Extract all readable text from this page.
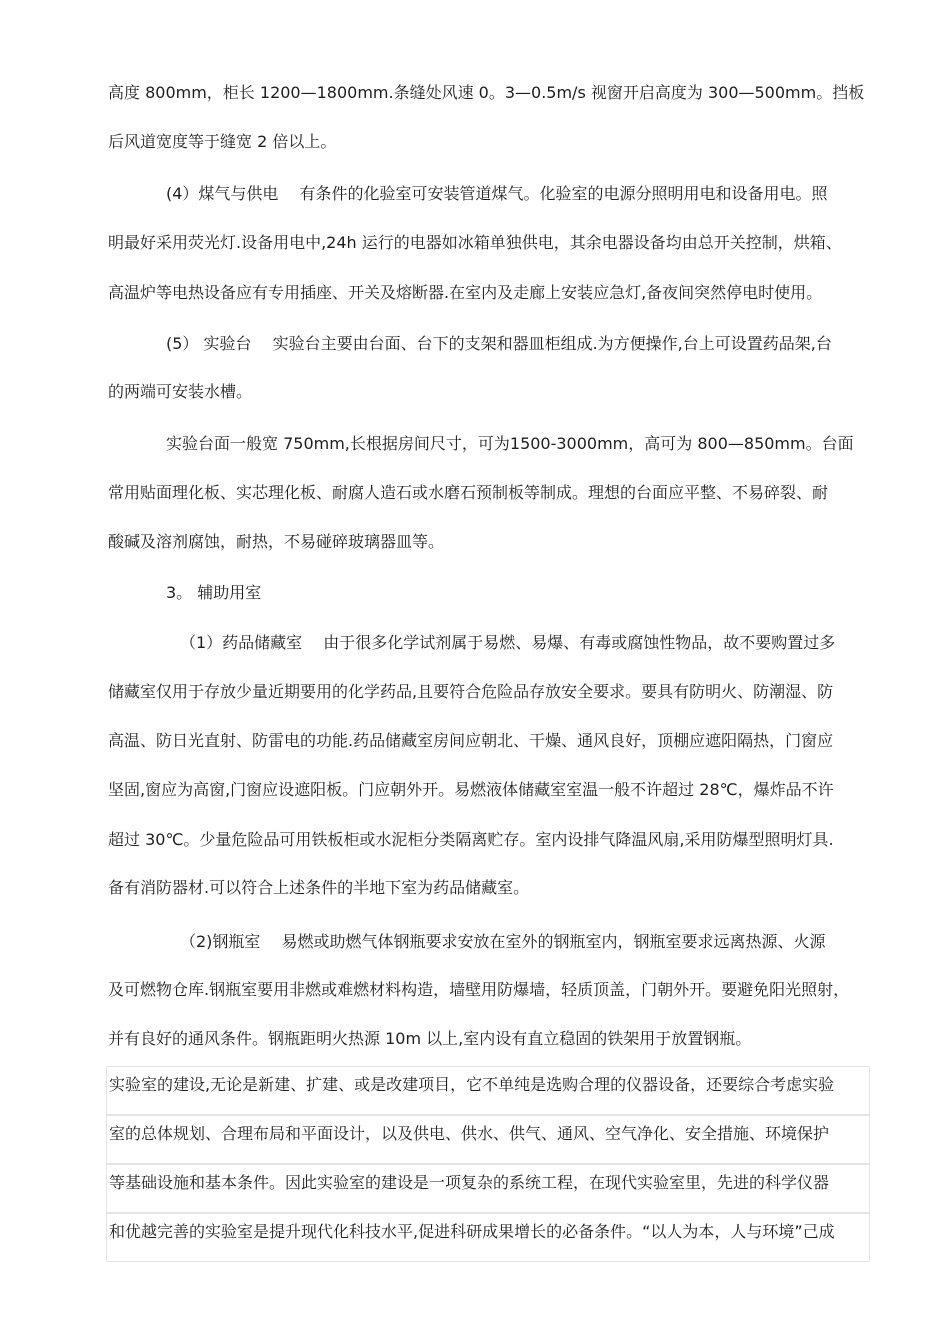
高度 800mm，柜长 1200—1800mm.条缝处风速 0。3—0.5m/s 视窗开启高度为 300—500mm。挡板

后风道宽度等于缝宽 2 倍以上。

(4）煤气与供电　 有条件的化验室可安装管道煤气。化验室的电源分照明用电和设备用电。照

明最好采用荧光灯.设备用电中,24h 运行的电器如冰箱单独供电，其余电器设备均由总开关控制，烘箱、

高温炉等电热设备应有专用插座、开关及熔断器.在室内及走廊上安装应急灯,备夜间突然停电时使用。

(5） 实验台　 实验台主要由台面、台下的支架和器皿柜组成.为方便操作,台上可设置药品架,台

的两端可安装水槽。

实验台面一般宽 750mm,长根据房间尺寸，可为1500-3000mm，高可为 800—850mm。台面

常用贴面理化板、实芯理化板、耐腐人造石或水磨石预制板等制成。理想的台面应平整、不易碎裂、耐

酸碱及溶剂腐蚀，耐热，不易碰碎玻璃器皿等。

3。 辅助用室

（1）药品储藏室　 由于很多化学试剂属于易燃、易爆、有毒或腐蚀性物品，故不要购置过多

储藏室仅用于存放少量近期要用的化学药品,且要符合危险品存放安全要求。要具有防明火、防潮湿、防

高温、防日光直射、防雷电的功能.药品储藏室房间应朝北、干燥、通风良好，顶棚应遮阳隔热，门窗应

坚固,窗应为高窗,门窗应设遮阳板。门应朝外开。易燃液体储藏室室温一般不许超过 28℃，爆炸品不许

超过 30℃。少量危险品可用铁板柜或水泥柜分类隔离贮存。室内设排气降温风扇,采用防爆型照明灯具.

备有消防器材.可以符合上述条件的半地下室为药品储藏室。

（2)钢瓶室　 易燃或助燃气体钢瓶要求安放在室外的钢瓶室内，钢瓶室要求远离热源、火源

及可燃物仓库.钢瓶室要用非燃或难燃材料构造，墙壁用防爆墙，轻质顶盖，门朝外开。要避免阳光照射，

并有良好的通风条件。钢瓶距明火热源 10m 以上,室内设有直立稳固的铁架用于放置钢瓶。

实验室的建设,无论是新建、扩建、或是改建项目，它不单纯是选购合理的仪器设备，还要综合考虑实验

室的总体规划、合理布局和平面设计，以及供电、供水、供气、通风、空气净化、安全措施、环境保护

等基础设施和基本条件。因此实验室的建设是一项复杂的系统工程，在现代实验室里，先进的科学仪器

和优越完善的实验室是提升现代化科技水平,促进科研成果增长的必备条件。“以人为本，人与环境”己成
